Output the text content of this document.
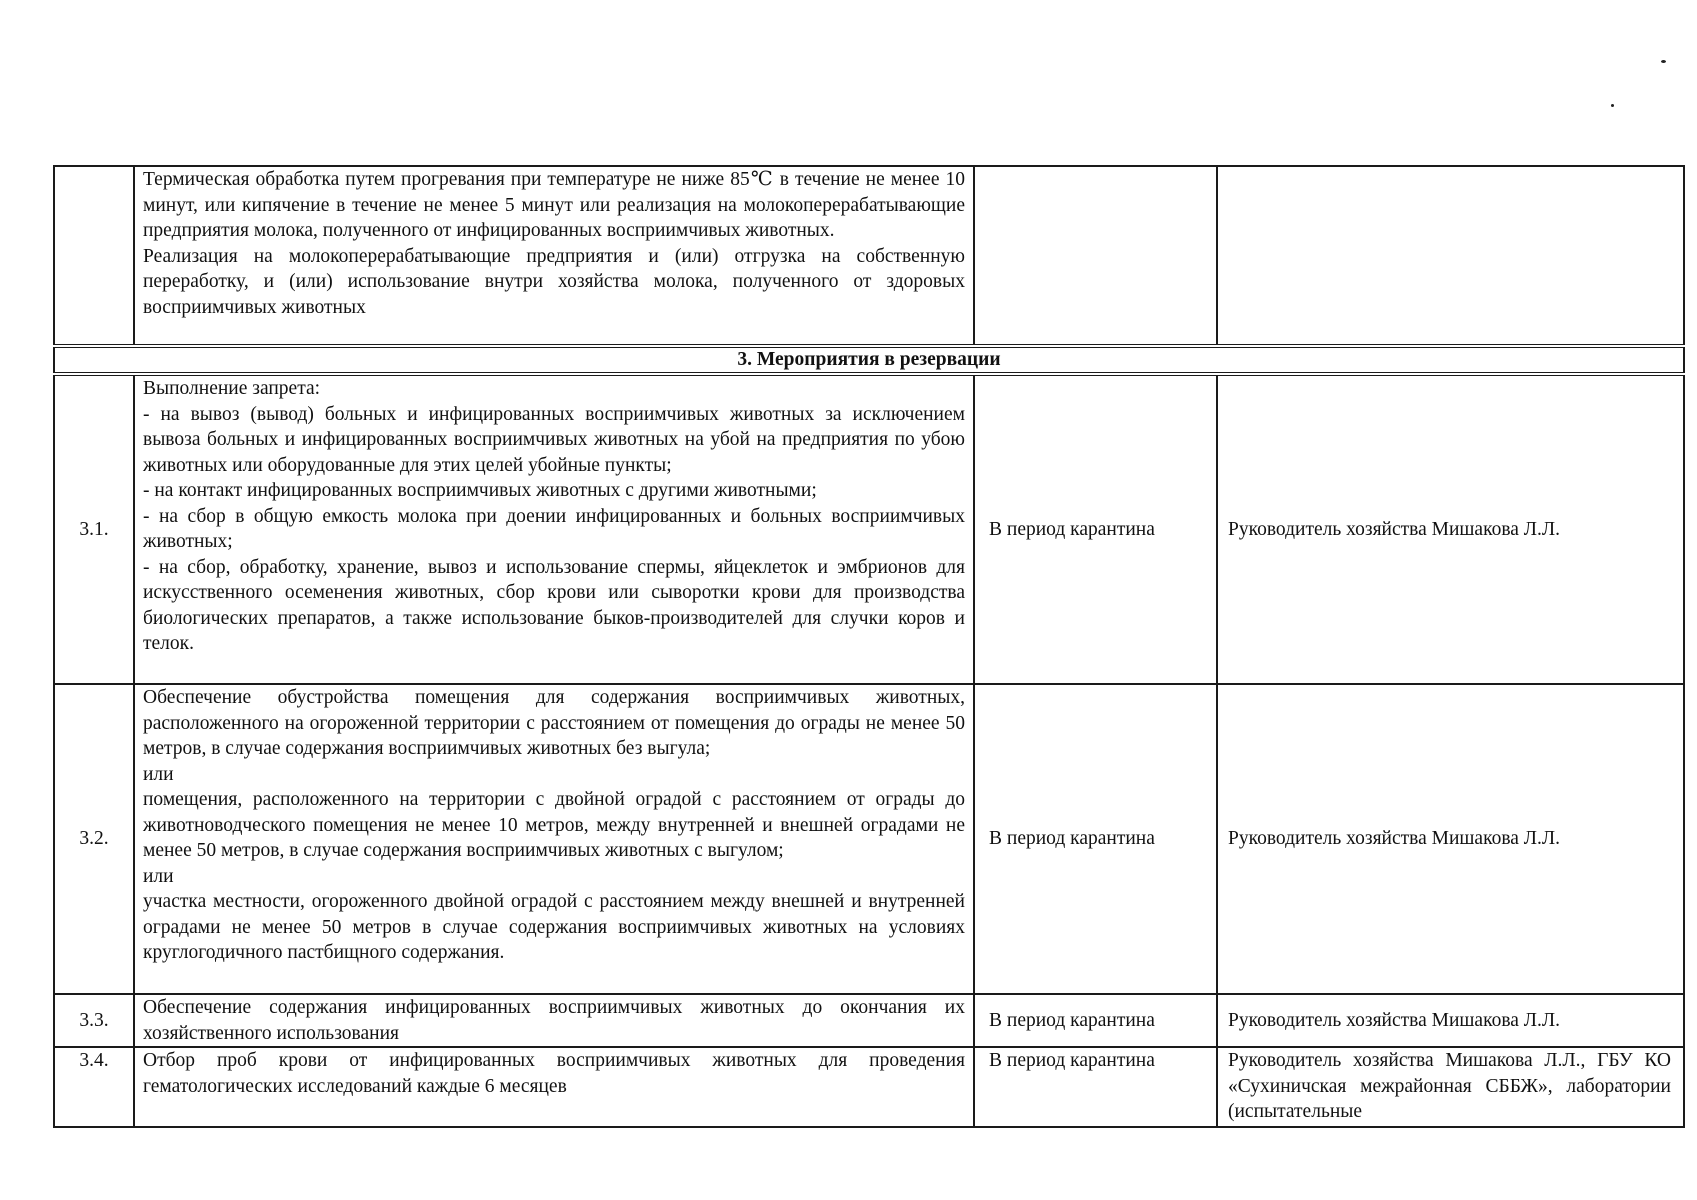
	Термическая обработка путем прогревания при температуре не ниже 85℃ в течение не менее 10 минут, или кипячение в течение не менее 5 минут или реализация на молокоперерабатывающие предприятия молока, полученного от инфицированных восприимчивых животных.

Реализация на молокоперерабатывающие предприятия и (или) отгрузка на собственную переработку, и (или) использование внутри хозяйства молока, полученного от здоровых восприимчивых животных		

3. Мероприятия в резервации			
3.1.	Выполнение запрета:

- на вывоз (вывод) больных и инфицированных восприимчивых животных за исключением вывоза больных и инфицированных восприимчивых животных на убой на предприятия по убою животных или оборудованные для этих целей убойные пункты;

- на контакт инфицированных восприимчивых животных с другими животными;

- на сбор в общую емкость молока при доении инфицированных и больных восприимчивых животных;

- на сбор, обработку, хранение, вывоз и использование спермы, яйцеклеток и эмбрионов для искусственного осеменения животных, сбор крови или сыворотки крови для производства биологических препаратов, а также использование быков-производителей для случки коров и телок.	В период карантина	Руководитель хозяйства Мишакова Л.Л.
3.2.	Обеспечение обустройства помещения для содержания восприимчивых животных, расположенного на огороженной территории с расстоянием от помещения до ограды не менее 50 метров, в случае содержания восприимчивых животных без выгула;

или

помещения, расположенного на территории с двойной оградой с расстоянием от ограды до животноводческого помещения не менее 10 метров, между внутренней и внешней оградами не менее 50 метров, в случае содержания восприимчивых животных с выгулом;

или

участка местности, огороженного двойной оградой с расстоянием между внешней и внутренней оградами не менее 50 метров в случае содержания восприимчивых животных на условиях круглогодичного пастбищного содержания.	В период карантина	Руководитель хозяйства Мишакова Л.Л.
3.3.	Обеспечение содержания инфицированных восприимчивых животных до окончания их хозяйственного использования	В период карантина	Руководитель хозяйства Мишакова Л.Л.
3.4.	Отбор проб крови от инфицированных восприимчивых животных для проведения гематологических исследований каждые 6 месяцев	В период карантина	Руководитель хозяйства Мишакова Л.Л., ГБУ КО «Сухиничская межрайонная СББЖ», лаборатории (испытательные
